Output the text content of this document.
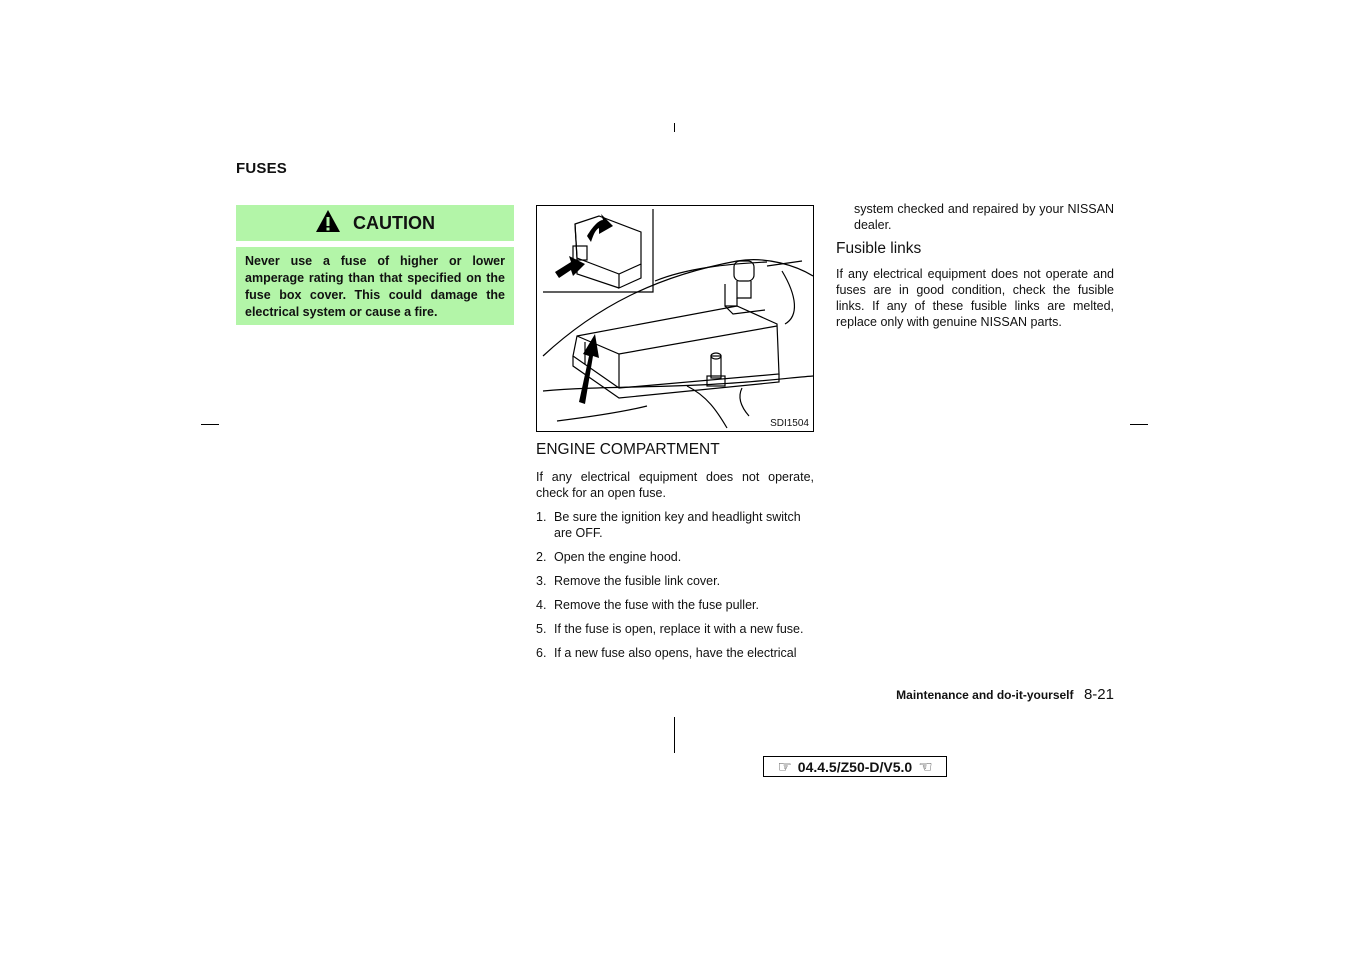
FUSES
CAUTION
Never use a fuse of higher or lower amperage rating than that specified on the fuse box cover. This could damage the electrical system or cause a fire.
SDI1504
ENGINE COMPARTMENT
If any electrical equipment does not operate, check for an open fuse.
1. Be sure the ignition key and headlight switch are OFF.
2. Open the engine hood.
3. Remove the fusible link cover.
4. Remove the fuse with the fuse puller.
5. If the fuse is open, replace it with a new fuse.
6. If a new fuse also opens, have the electrical
system checked and repaired by your NISSAN dealer.
Fusible links
If any electrical equipment does not operate and fuses are in good condition, check the fusible links. If any of these fusible links are melted, replace only with genuine NISSAN parts.
Maintenance and do-it-yourself 8-21
☞ 04.4.5/Z50-D/V5.0 ☜
